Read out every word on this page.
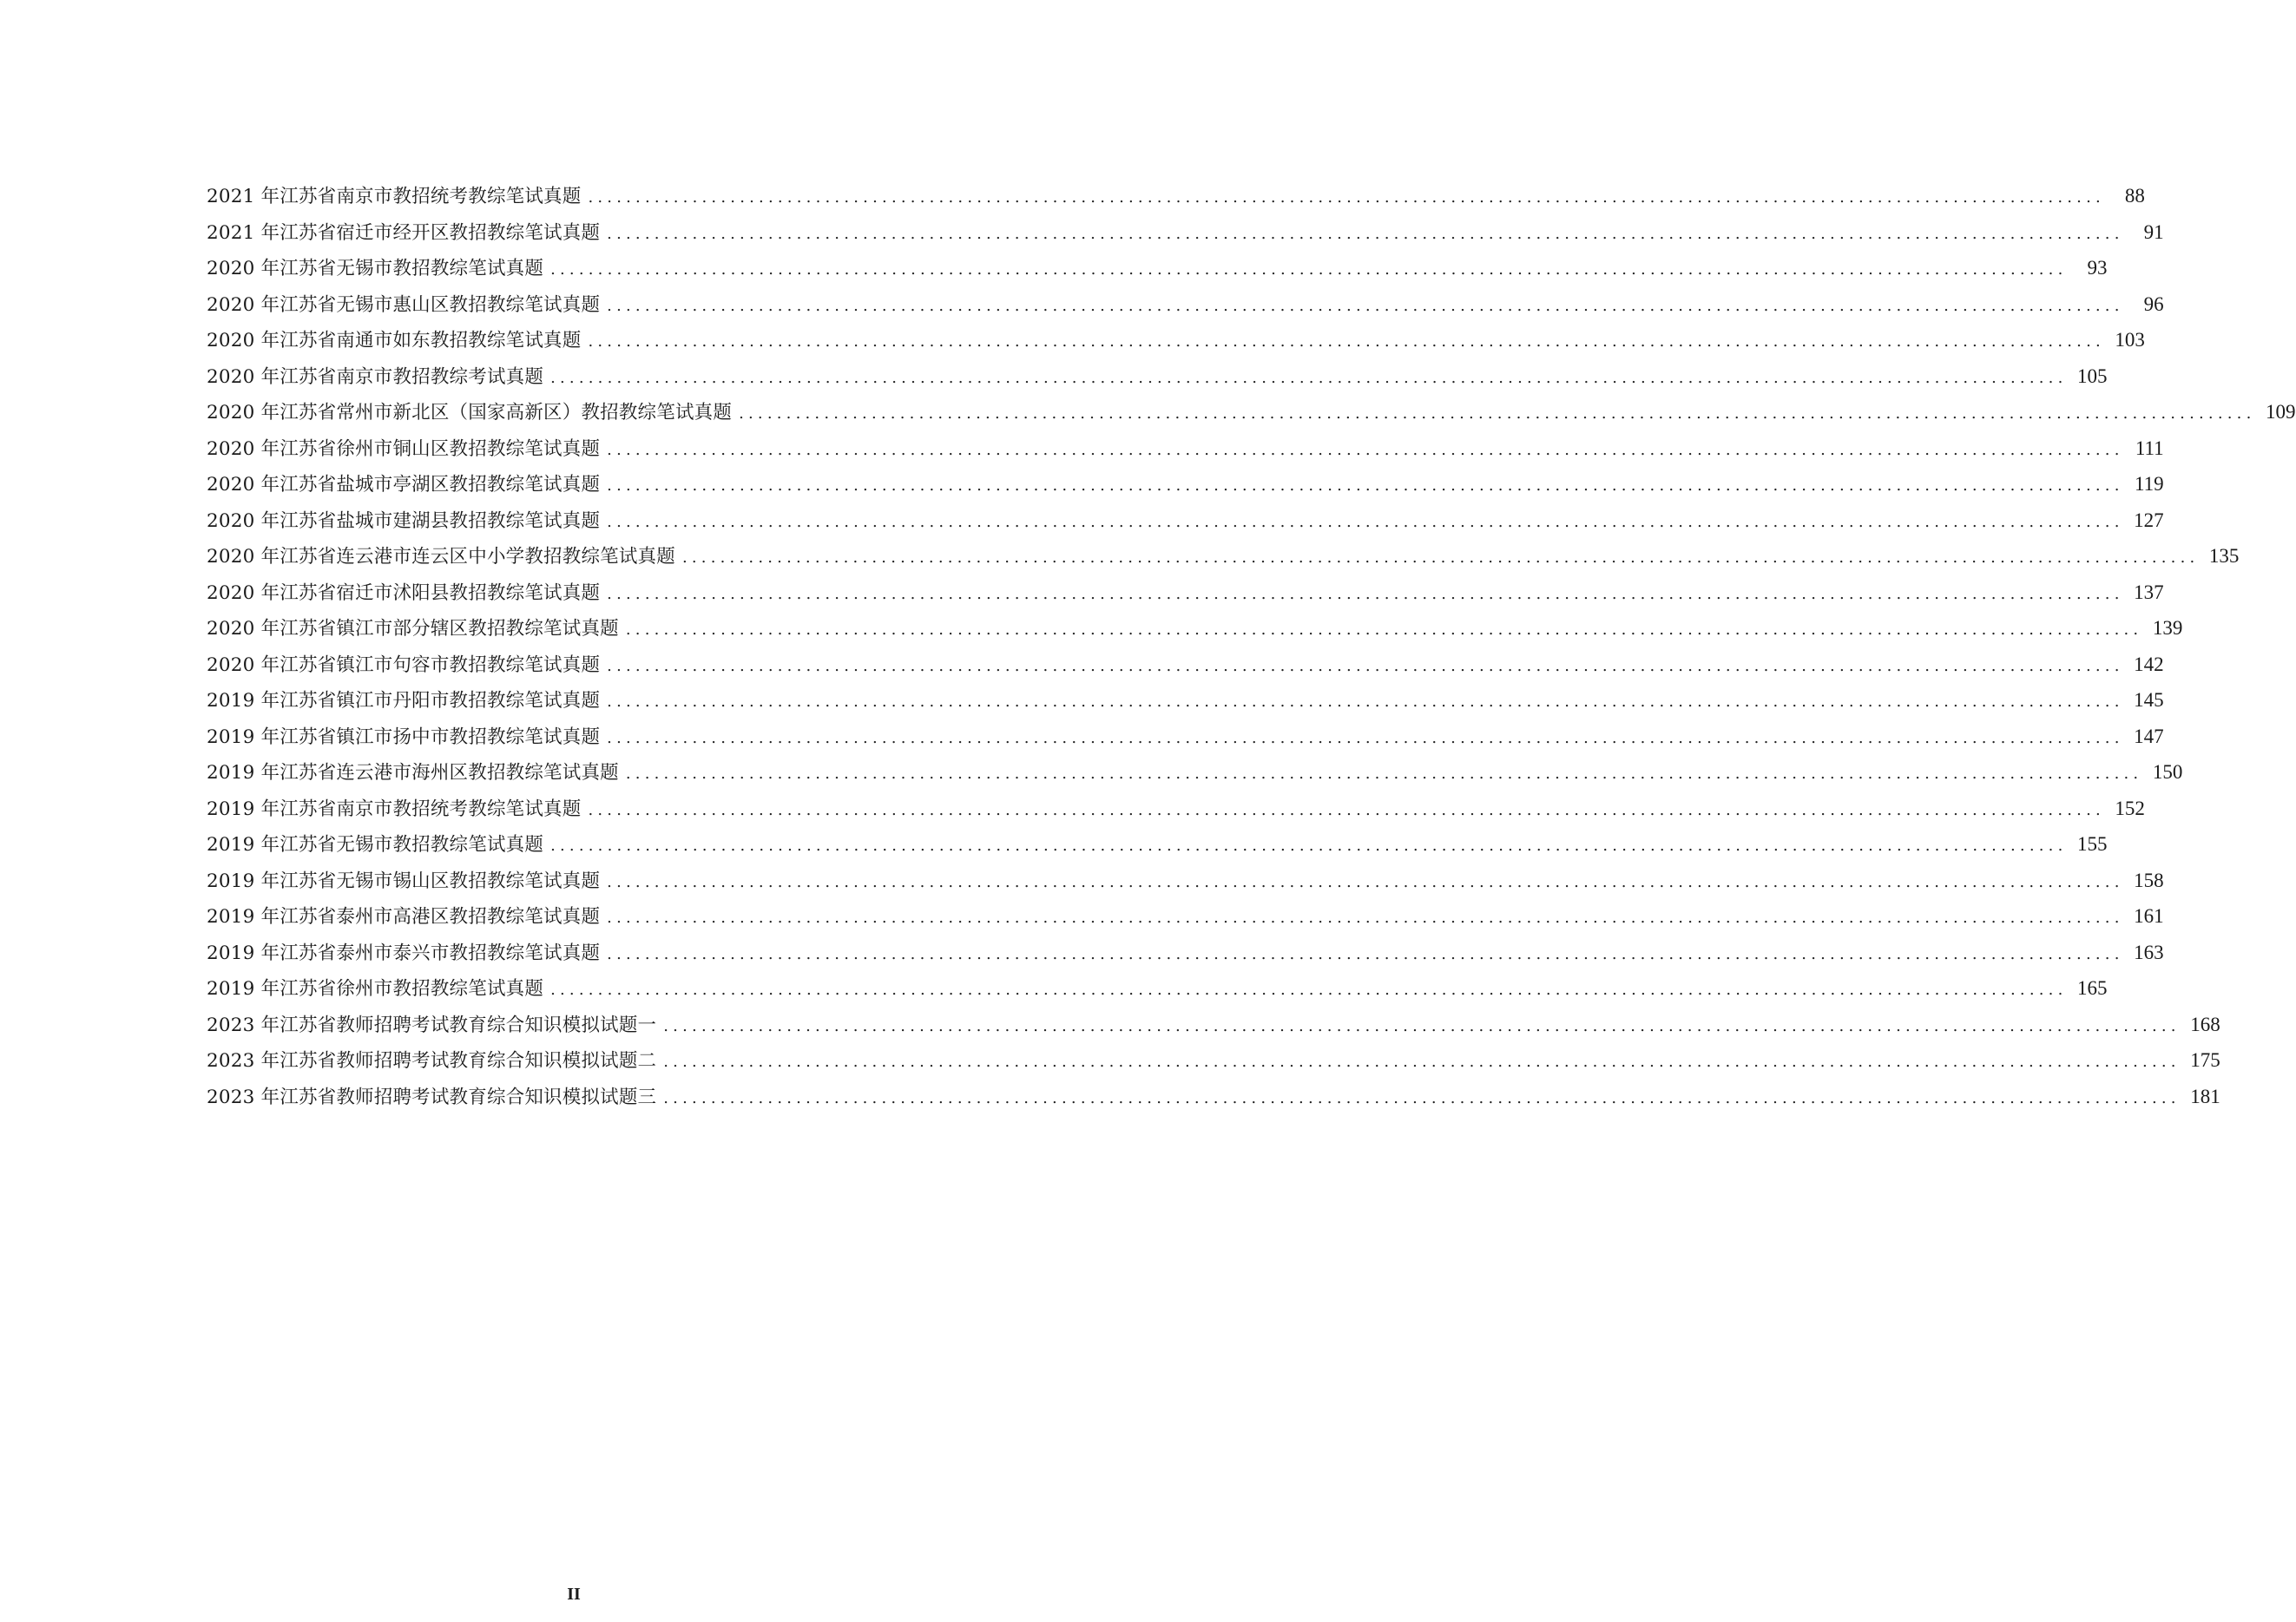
2021 年江苏省南京市教招统考教综笔试真题 ................................................................................................................................................................	88
2021 年江苏省宿迁市经开区教招教综笔试真题 ................................................................................................................................................................	91
2020 年江苏省无锡市教招教综笔试真题 ................................................................................................................................................................	93
2020 年江苏省无锡市惠山区教招教综笔试真题 ................................................................................................................................................................	96
2020 年江苏省南通市如东教招教综笔试真题 ................................................................................................................................................................ 103
2020 年江苏省南京市教招教综考试真题 ................................................................................................................................................................ 105
2020 年江苏省常州市新北区（国家高新区）教招教综笔试真题 ................................................................................................................................................................ 109
2020 年江苏省徐州市铜山区教招教综笔试真题 ................................................................................................................................................................ 111
2020 年江苏省盐城市亭湖区教招教综笔试真题 ................................................................................................................................................................ 119
2020 年江苏省盐城市建湖县教招教综笔试真题 ................................................................................................................................................................ 127
2020 年江苏省连云港市连云区中小学教招教综笔试真题 ................................................................................................................................................................ 135
2020 年江苏省宿迁市沭阳县教招教综笔试真题 ................................................................................................................................................................ 137
2020 年江苏省镇江市部分辖区教招教综笔试真题 ................................................................................................................................................................ 139
2020 年江苏省镇江市句容市教招教综笔试真题 ................................................................................................................................................................ 142
2019 年江苏省镇江市丹阳市教招教综笔试真题 ................................................................................................................................................................ 145
2019 年江苏省镇江市扬中市教招教综笔试真题 ................................................................................................................................................................ 147
2019 年江苏省连云港市海州区教招教综笔试真题 ................................................................................................................................................................ 150
2019 年江苏省南京市教招统考教综笔试真题 ................................................................................................................................................................ 152
2019 年江苏省无锡市教招教综笔试真题 ................................................................................................................................................................ 155
2019 年江苏省无锡市锡山区教招教综笔试真题 ................................................................................................................................................................ 158
2019 年江苏省泰州市高港区教招教综笔试真题 ................................................................................................................................................................ 161
2019 年江苏省泰州市泰兴市教招教综笔试真题 ................................................................................................................................................................ 163
2019 年江苏省徐州市教招教综笔试真题 ................................................................................................................................................................ 165
2023 年江苏省教师招聘考试教育综合知识模拟试题一 ................................................................................................................................................................ 168
2023 年江苏省教师招聘考试教育综合知识模拟试题二 ................................................................................................................................................................ 175
2023 年江苏省教师招聘考试教育综合知识模拟试题三 ................................................................................................................................................................ 181
II
